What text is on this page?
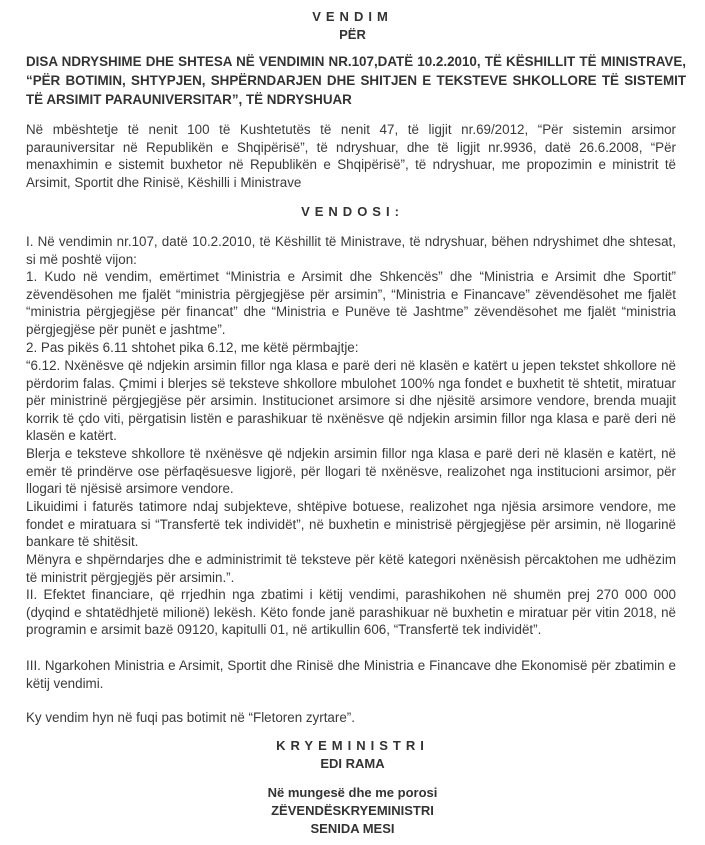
VENDIM
PËR
DISA NDRYSHIME DHE SHTESA NË VENDIMIN NR.107,DATË 10.2.2010, TË KËSHILLIT TË MINISTRAVE, “PËR BOTIMIN, SHTYPJEN, SHPËRNDARJEN DHE SHITJEN E TEKSTEVE SHKOLLORE TË SISTEMIT TË ARSIMIT PARAUNIVERSITAR”, TË NDRYSHUAR
Në mbështetje të nenit 100 të Kushtetutës të nenit 47, të ligjit nr.69/2012, “Për sistemin arsimor parauniversitar në Republikën e Shqipërisë”, të ndryshuar, dhe të ligjit nr.9936, datë 26.6.2008, “Për menaxhimin e sistemit buxhetor në Republikën e Shqipërisë”, të ndryshuar, me propozimin e ministrit të Arsimit, Sportit dhe Rinisë, Këshilli i Ministrave
VENDOSI:
I. Në vendimin nr.107, datë 10.2.2010, të Këshillit të Ministrave, të ndryshuar, bëhen ndryshimet dhe shtesat, si më poshtë vijon:
1. Kudo në vendim, emërtimet “Ministria e Arsimit dhe Shkencës” dhe “Ministria e Arsimit dhe Sportit” zëvendësohen me fjalët “ministria përgjegjëse për arsimin”, “Ministria e Financave” zëvendësohet me fjalët “ministria përgjegjëse për financat” dhe “Ministria e Punëve të Jashtme” zëvendësohet me fjalët “ministria përgjegjëse për punët e jashtme”.
2. Pas pikës 6.11 shtohet pika 6.12, me këtë përmbajtje:
“6.12. Nxënësve që ndjekin arsimin fillor nga klasa e parë deri në klasën e katërt u jepen tekstet shkollore në përdorim falas. Çmimi i blerjes së teksteve shkollore mbulohet 100% nga fondet e buxhetit të shtetit, miratuar për ministrinë përgjegjëse për arsimin. Institucionet arsimore si dhe njësitë arsimore vendore, brenda muajit korrik të çdo viti, përgatisin listën e parashikuar të nxënësve që ndjekin arsimin fillor nga klasa e parë deri në klasën e katërt.
Blerja e teksteve shkollore të nxënësve që ndjekin arsimin fillor nga klasa e parë deri në klasën e katërt, në emër të prindërve ose përfaqësuesve ligjorë, për llogari të nxënësve, realizohet nga institucioni arsimor, për llogari të njësisë arsimore vendore.
Likuidimi i faturës tatimore ndaj subjekteve, shtëpive botuese, realizohet nga njësia arsimore vendore, me fondet e miratuara si “Transfertë tek individët”, në buxhetin e ministrisë përgjegjëse për arsimin, në llogarinë bankare të shitësit.
Mënyra e shpërndarjes dhe e administrimit të teksteve për këtë kategori nxënësish përcaktohen me udhëzim të ministrit përgjegjës për arsimin.”.
II. Efektet financiare, që rrjedhin nga zbatimi i këtij vendimi, parashikohen në shumën prej 270 000 000 (dyqind e shtatëdhjetë milionë) lekësh. Këto fonde janë parashikuar në buxhetin e miratuar për vitin 2018, në programin e arsimit bazë 09120, kapitulli 01, në artikullin 606, “Transfertë tek individët”.
III. Ngarkohen Ministria e Arsimit, Sportit dhe Rinisë dhe Ministria e Financave dhe Ekonomisë për zbatimin e këtij vendimi.
Ky vendim hyn në fuqi pas botimit në “Fletoren zyrtare”.
KRYEMINISTRI
EDI RAMA
Në mungesë dhe me porosi
ZËVENDËSKRYEMINISTRI
SENIDA MESI
